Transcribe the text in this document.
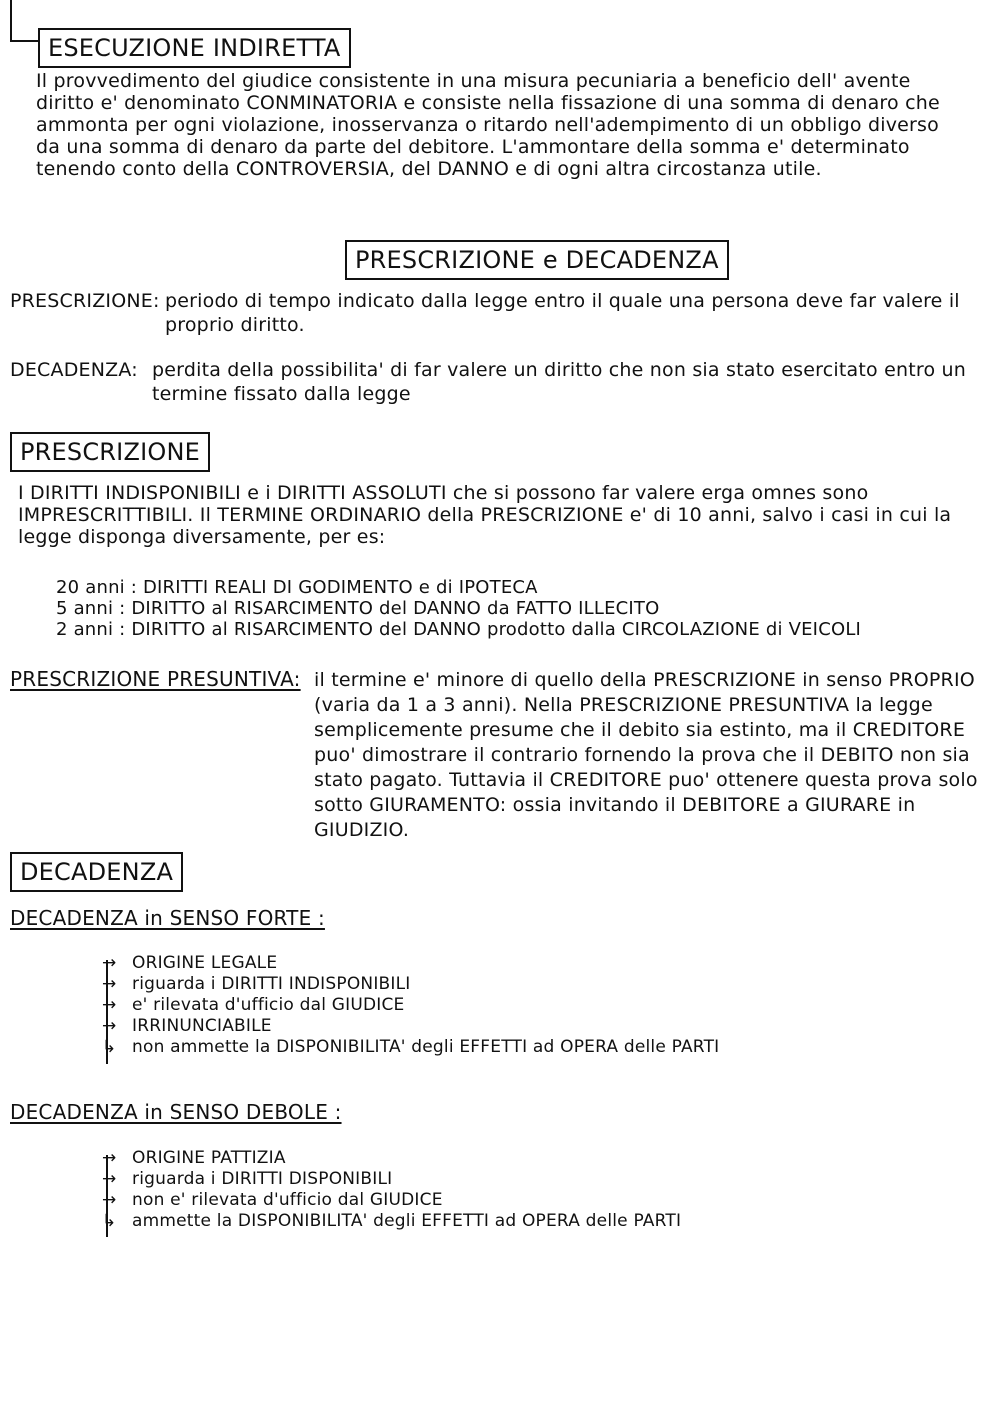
ESECUZIONE INDIRETTA

Il provvedimento del giudice consistente in una misura pecuniaria a beneficio dell' avente diritto e' denominato CONMINATORIA e consiste nella fissazione di una somma di denaro che ammonta per ogni violazione, inosservanza o ritardo nell'adempimento di un obbligo diverso da una somma di denaro da parte del debitore. L'ammontare della somma e' determinato tenendo conto della CONTROVERSIA, del DANNO e di ogni altra circostanza utile.

PRESCRIZIONE e DECADENZA
PRESCRIZIONE: periodo di tempo indicato dalla legge entro il quale una persona deve far valere il proprio diritto.
DECADENZA: perdita della possibilita' di far valere un diritto che non sia stato esercitato entro un termine fissato dalla legge
PRESCRIZIONE

I DIRITTI INDISPONIBILI e i DIRITTI ASSOLUTI che si possono far valere erga omnes sono IMPRESCRITTIBILI. Il TERMINE ORDINARIO della PRESCRIZIONE e' di 10 anni, salvo i casi in cui la legge disponga diversamente, per es:

20 anni : DIRITTI REALI DI GODIMENTO e di IPOTECA
5 anni : DIRITTO al RISARCIMENTO del DANNO da FATTO ILLECITO
2 anni : DIRITTO al RISARCIMENTO del DANNO prodotto dalla CIRCOLAZIONE di VEICOLI
PRESCRIZIONE PRESUNTIVA: il termine e' minore di quello della PRESCRIZIONE in senso PROPRIO (varia da 1 a 3 anni). Nella PRESCRIZIONE PRESUNTIVA la legge semplicemente presume che il debito sia estinto, ma il CREDITORE puo' dimostrare il contrario fornendo la prova che il DEBITO non sia stato pagato. Tuttavia il CREDITORE puo' ottenere questa prova solo sotto GIURAMENTO: ossia invitando il DEBITORE a GIURARE in GIUDIZIO.
DECADENZA
DECADENZA in SENSO FORTE :
→ ORIGINE LEGALE
→ riguarda i DIRITTI INDISPONIBILI
→ e' rilevata d'ufficio dal GIUDICE
→ IRRINUNCIABILE
↳ non ammette la DISPONIBILITA' degli EFFETTI ad OPERA delle PARTI
DECADENZA in SENSO DEBOLE :
→ ORIGINE PATTIZIA
→ riguarda i DIRITTI DISPONIBILI
→ non e' rilevata d'ufficio dal GIUDICE
↳ ammette la DISPONIBILITA' degli EFFETTI ad OPERA delle PARTI
